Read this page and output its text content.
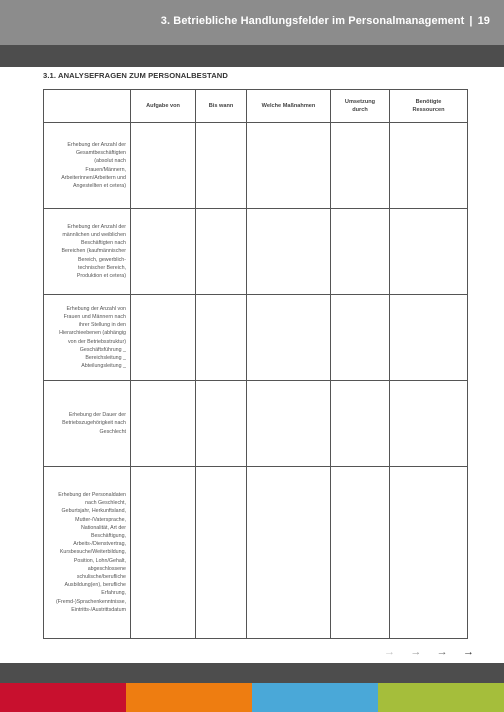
3. Betriebliche Handlungsfelder im Personalmanagement | 19
3.1. ANALYSEFRAGEN ZUM PERSONALBESTAND
	Aufgabe von	Bis wann	Welche Maßnahmen	Umsetzung durch	Benötigte Ressourcen
Erhebung der Anzahl der Gesamtbeschäftigten (absolut nach Frauen/Männern, Arbeiterinnen/Arbeitern und Angestellten et cetera)					
Erhebung der Anzahl der männlichen und weiblichen Beschäftigten nach Bereichen (kaufmännischer Bereich, gewerblich-technischer Bereich, Produktion et cetera)					
Erhebung der Anzahl von Frauen und Männern nach ihrer Stellung in den Hierarchieebenen (abhängig von der Betriebsstruktur) Geschäftsführung _ Bereichsleitung _ Abteilungsleitung _					
Erhebung der Dauer der Betriebszugehörigkeit nach Geschlecht					
Erhebung der Personaldaten nach Geschlecht, Geburtsjahr, Herkunftsland, Mutter-/Vatersprache, Nationalität, Art der Beschäftigung, Arbeits-/Dienstvertrag, Kursbesuche/Weiterbildung, Position, Lohn/Gehalt, abgeschlossene schulische/berufliche Ausbildung(en), berufliche Erfahrung, (Fremd-)Sprachenkenntnisse, Eintritts-/Austrittsdatum					
→ → → →
